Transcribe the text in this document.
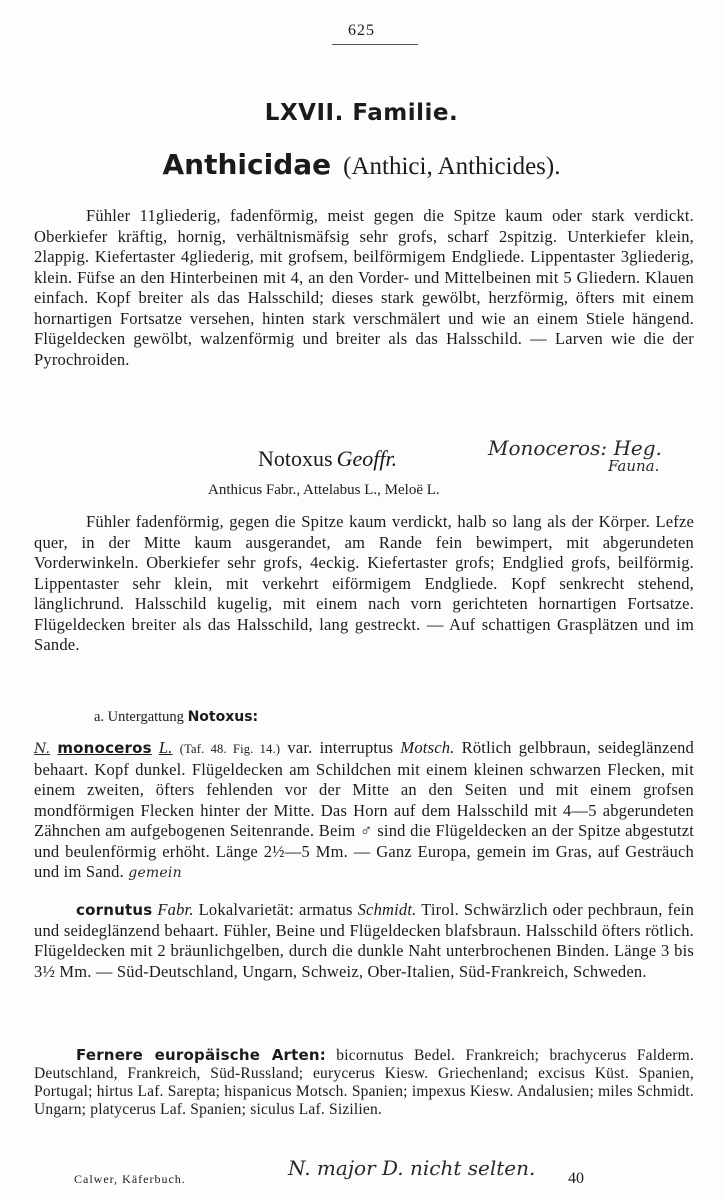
625
LXVII. Familie.
Anthicidae (Anthici, Anthicides).
Fühler 11gliederig, fadenförmig, meist gegen die Spitze kaum oder stark verdickt. Oberkiefer kräftig, hornig, verhältnismäfsig sehr grofs, scharf 2spitzig. Unterkiefer klein, 2lappig. Kiefertaster 4gliederig, mit grofsem, beilförmigem Endgliede. Lippentaster 3gliederig, klein. Füfse an den Hinterbeinen mit 4, an den Vorder- und Mittelbeinen mit 5 Gliedern. Klauen einfach. Kopf breiter als das Halsschild; dieses stark gewölbt, herzförmig, öfters mit einem hornartigen Fortsatze versehen, hinten stark verschmälert und wie an einem Stiele hängend. Flügeldecken gewölbt, walzenförmig und breiter als das Halsschild. — Larven wie die der Pyrochroiden.
Notoxus Geoffr.	Monoceros: Heg.
Fauna.
Anthicus Fabr., Attelabus L., Meloë L.
Fühler fadenförmig, gegen die Spitze kaum verdickt, halb so lang als der Körper. Lefze quer, in der Mitte kaum ausgerandet, am Rande fein bewimpert, mit abgerundeten Vorderwinkeln. Oberkiefer sehr grofs, 4eckig. Kiefertaster grofs; Endglied grofs, beilförmig. Lippentaster sehr klein, mit verkehrt eiförmigem Endgliede. Kopf senkrecht stehend, länglichrund. Halsschild kugelig, mit einem nach vorn gerichteten hornartigen Fortsatze. Flügeldecken breiter als das Halsschild, lang gestreckt. — Auf schattigen Grasplätzen und im Sande.
a. Untergattung Notoxus:
N. monoceros L. (Taf. 48. Fig. 14.) var. interruptus Motsch. Rötlich gelbbraun, seideglänzend behaart. Kopf dunkel. Flügeldecken am Schildchen mit einem kleinen schwarzen Flecken, mit einem zweiten, öfters fehlenden vor der Mitte an den Seiten und mit einem grofsen mondförmigen Flecken hinter der Mitte. Das Horn auf dem Halsschild mit 4—5 abgerundeten Zähnchen am aufgebogenen Seitenrande. Beim ♂ sind die Flügeldecken an der Spitze abgestutzt und beulenförmig erhöht. Länge 2½—5 Mm. — Ganz Europa, gemein im Gras, auf Gesträuch und im Sand. gemein
cornutus Fabr. Lokalvarietät: armatus Schmidt. Tirol. Schwärzlich oder pechbraun, fein und seideglänzend behaart. Fühler, Beine und Flügeldecken blafsbraun. Halsschild öfters rötlich. Flügeldecken mit 2 bräunlichgelben, durch die dunkle Naht unterbrochenen Binden. Länge 3 bis 3½ Mm. — Süd-Deutschland, Ungarn, Schweiz, Ober-Italien, Süd-Frankreich, Schweden.
Fernere europäische Arten: bicornutus Bedel. Frankreich; brachycerus Falderm. Deutschland, Frankreich, Süd-Russland; eurycerus Kiesw. Griechenland; excisus Küst. Spanien, Portugal; hirtus Laf. Sarepta; hispanicus Motsch. Spanien; impexus Kiesw. Andalusien; miles Schmidt. Ungarn; platycerus Laf. Spanien; siculus Laf. Sizilien.
Calwer, Käferbuch.	N. major D. nicht selten. 40
